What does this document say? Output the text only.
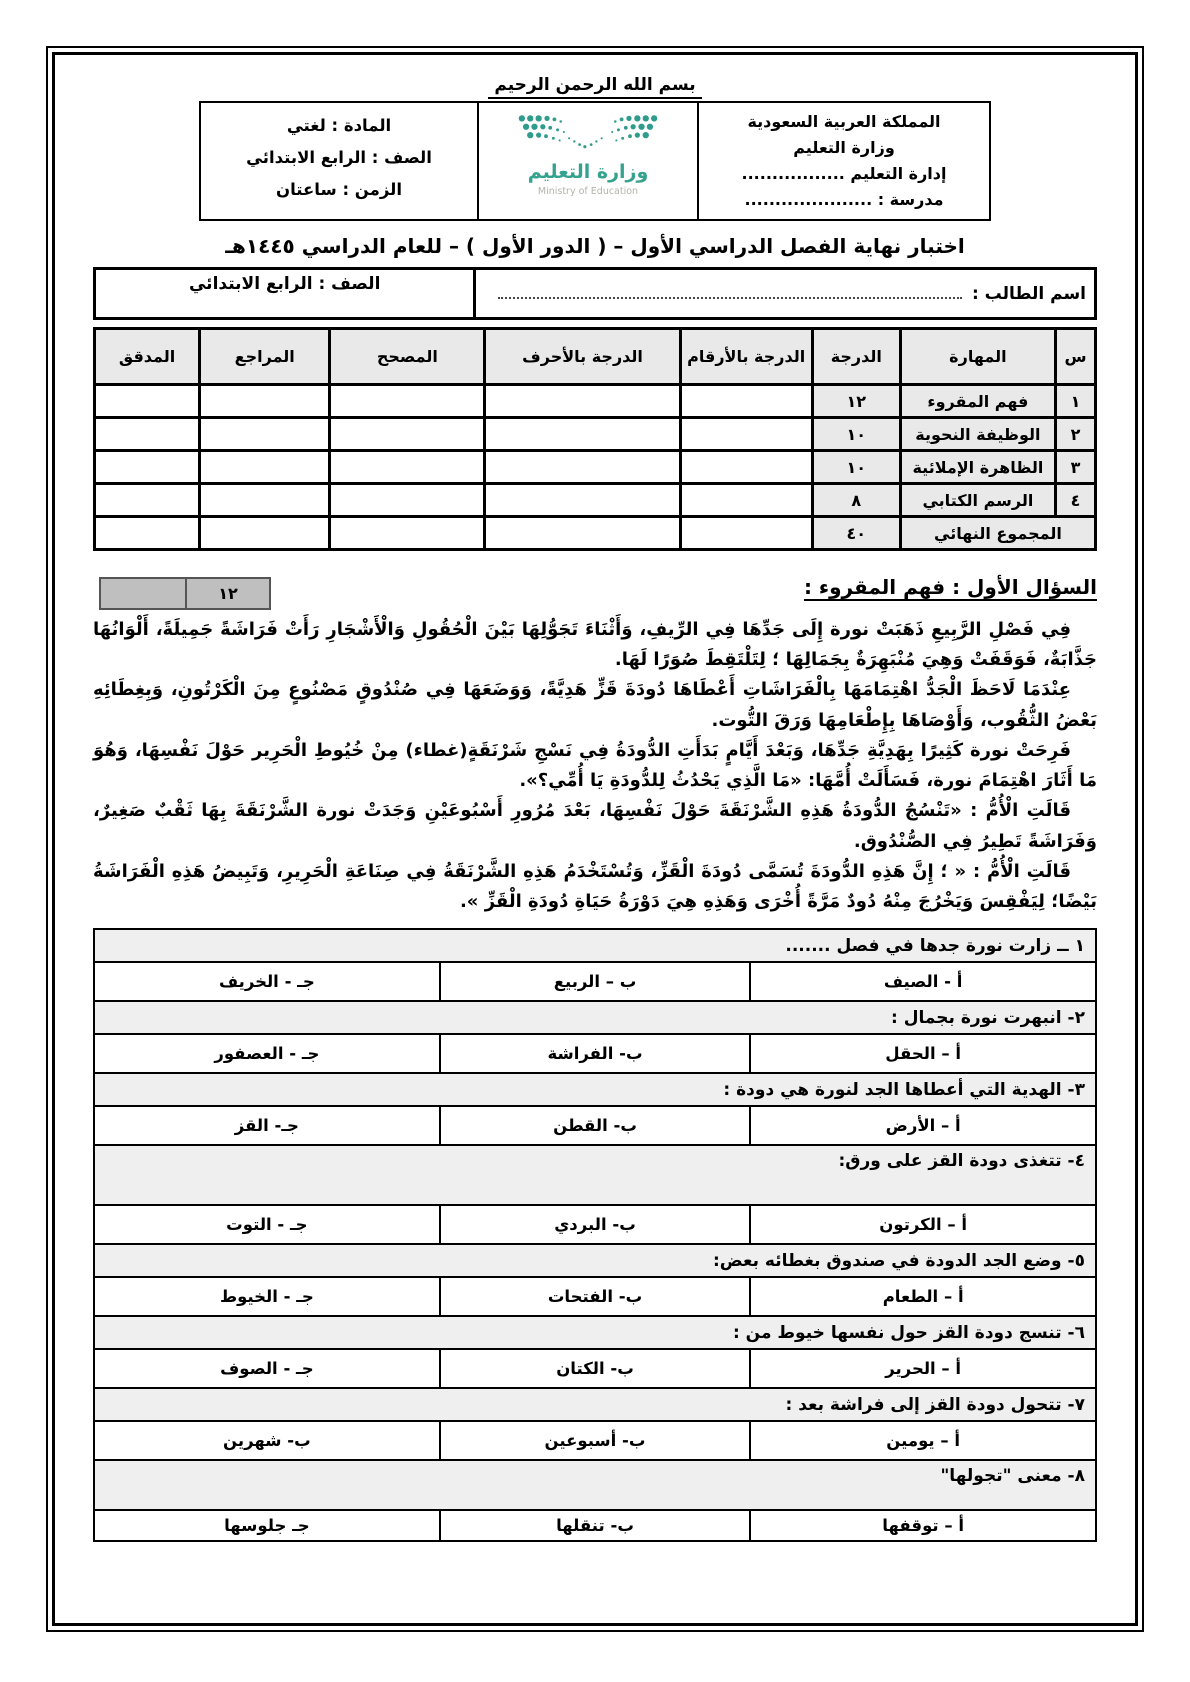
بسم الله الرحمن الرحيم
المملكة العربية السعودية
وزارة التعليم
إدارة التعليم .................
مدرسة : .....................

وزارة التعليم
Ministry of Education

المادة : لغتي
الصف : الرابع الابتدائي
الزمن : ساعتان
اختبار نهاية الفصل الدراسي الأول – ( الدور الأول ) – للعام الدراسي ١٤٤٥هـ
اسم الطالب :
	الصف : الرابع الابتدائي
س	المهارة	الدرجة	الدرجة بالأرقام	الدرجة بالأحرف	المصحح	المراجع	المدقق
١	فهم المقروء	١٢					
٢	الوظيفة النحوية	١٠					
٣	الظاهرة الإملائية	١٠					
٤	الرسم الكتابي	٨					
المجموع النهائي		٤٠					
السؤال الأول : فهم المقروء :
١٢

فِي فَصْلِ الرَّبِيعِ ذَهَبَتْ نورة إِلَى جَدِّهَا فِي الرِّيفِ، وَأَثْنَاءَ تَجَوُّلِهَا بَيْنَ الْحُقُولِ وَالْأَشْجَارِ رَأَتْ فَرَاشَةً جَمِيلَةً، أَلْوَانُهَا جَذَّابَةٌ، فَوَقَفَتْ وَهِيَ مُنْبَهِرَةٌ بِجَمَالِهَا ؛ لِتَلْتَقِطَ صُوَرًا لَهَا.

عِنْدَمَا لَاحَظَ الْجَدُّ اهْتِمَامَهَا بِالْفَرَاشَاتِ أَعْطَاهَا دُودَةَ قَزٍّ هَدِيَّةً، وَوَضَعَهَا فِي صُنْدُوقٍ مَصْنُوعٍ مِنَ الْكَرْتُونِ، وَبِغِطَائِهِ بَعْضُ الثُّقُوب، وَأَوْصَاهَا بِإِطْعَامِهَا وَرَقَ التُّوت.

فَرِحَتْ نورة كَثِيرًا بِهَدِيَّةِ جَدِّهَا، وَبَعْدَ أَيَّامٍ بَدَأَتِ الدُّودَةُ فِي نَسْجِ شَرْنَقَةٍ(غطاء) مِنْ خُيُوطِ الْحَرِير حَوْلَ نَفْسِهَا، وَهُوَ مَا أَثَارَ اهْتِمَامَ نورة، فَسَأَلَتْ أُمَّهَا: «مَا الَّذِي يَحْدُثُ لِلدُّودَةِ يَا أُمِّي؟».

قَالَتِ الْأُمُّ : «تَنْسُجُ الدُّودَةُ هَذِهِ الشَّرْنَقَةَ حَوْلَ نَفْسِهَا، بَعْدَ مُرُورِ أَسْبُوعَيْنِ وَجَدَتْ نورة الشَّرْنَقَةَ بِهَا ثَقْبٌ صَغِيرٌ، وَفَرَاشَةً تَطِيرُ فِي الصُّنْدُوق.

قَالَتِ الْأُمُّ : « ؛ إِنَّ هَذِهِ الدُّودَةَ تُسَمَّى دُودَةَ الْقَزِّ، وَتُسْتَخْدَمُ هَذِهِ الشَّرْنَقَةُ فِي صِنَاعَةِ الْحَرِيرِ، وَتَبِيضُ هَذِهِ الْفَرَاشَةُ بَيْضًا؛ لِيَفْقِسَ وَيَخْرُجَ مِنْهُ دُودٌ مَرَّةً أُخْرَى وَهَذِهِ هِيَ دَوْرَةُ حَيَاةِ دُودَةِ الْقَزِّ ».

١ ــ زارت نورة جدها في فصل .......		
أ - الصيف	ب – الربيع	جـ - الخريف
٢- انبهرت نورة بجمال :		
أ – الحقل	ب- الفراشة	جـ - العصفور
٣- الهدية التي أعطاها الجد لنورة هي دودة :		
أ – الأرض	ب- القطن	جـ- القز
٤- تتغذى دودة القز على ورق:		
أ – الكرتون	ب- البردي	جـ - التوت
٥- وضع الجد الدودة في صندوق بغطائه بعض:		
أ – الطعام	ب- الفتحات	جـ - الخيوط
٦- تنسج دودة القز حول نفسها خيوط من :		
أ – الحرير	ب- الكتان	جـ - الصوف
٧- تتحول دودة القز إلى فراشة بعد :		
أ – يومين	ب- أسبوعين	ب- شهرين
٨- معنى "تجولها"		
أ – توقفها	ب- تنقلها	جـ جلوسها
